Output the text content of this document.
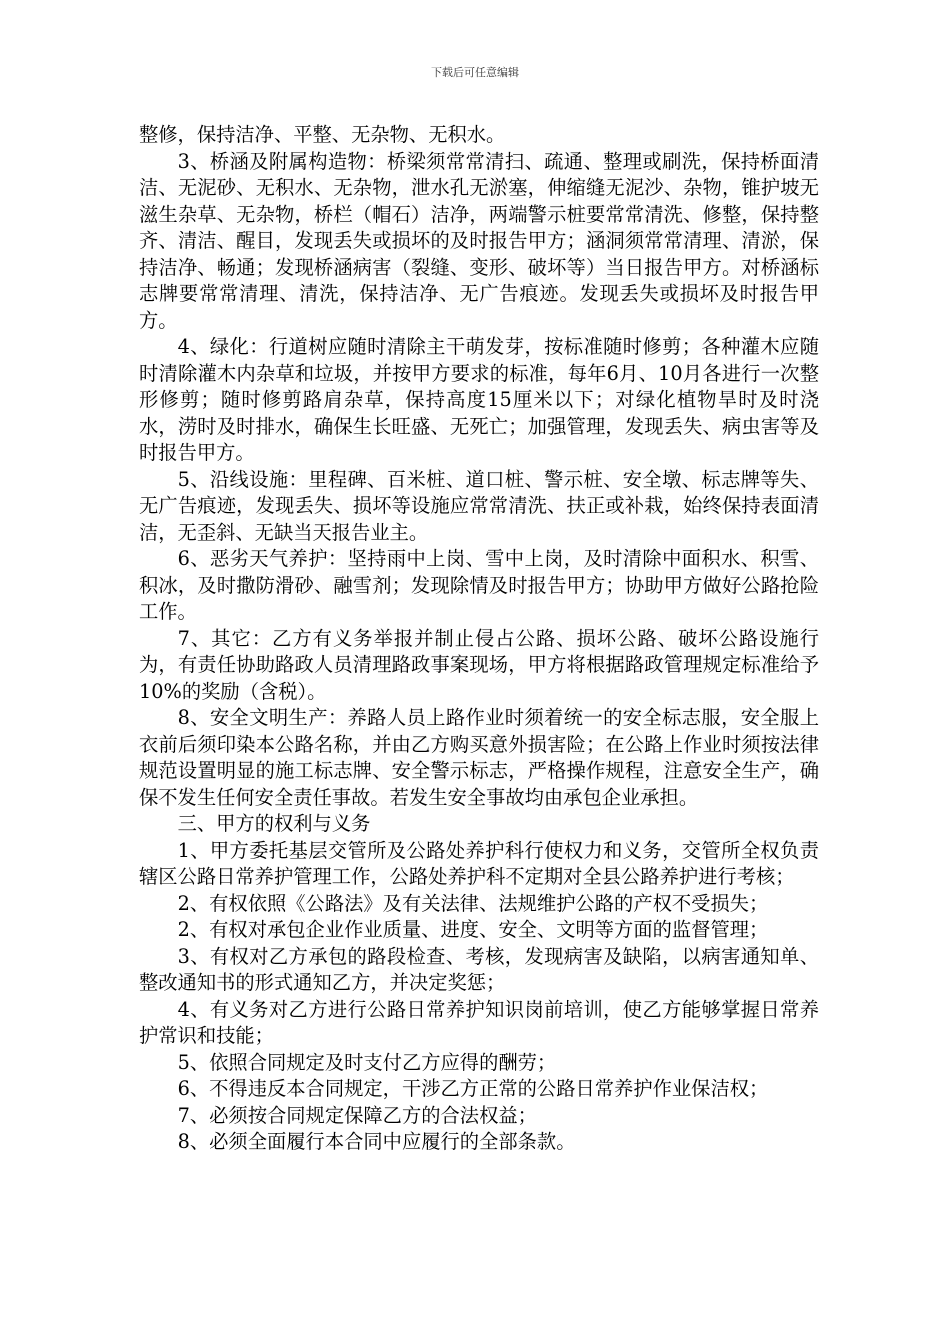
下载后可任意编辑

整修，保持洁净、平整、无杂物、无积水。

3、桥涵及附属构造物：桥梁须常常清扫、疏通、整理或刷洗，保持桥面清洁、无泥砂、无积水、无杂物，泄水孔无淤塞，伸缩缝无泥沙、杂物，锥护坡无滋生杂草、无杂物，桥栏（帽石）洁净，两端警示桩要常常清洗、修整，保持整齐、清洁、醒目，发现丢失或损坏的及时报告甲方；涵洞须常常清理、清淤，保持洁净、畅通；发现桥涵病害（裂缝、变形、破坏等）当日报告甲方。对桥涵标志牌要常常清理、清洗，保持洁净、无广告痕迹。发现丢失或损坏及时报告甲方。

4、绿化：行道树应随时清除主干萌发芽，按标准随时修剪；各种灌木应随时清除灌木内杂草和垃圾，并按甲方要求的标准，每年6月、10月各进行一次整形修剪；随时修剪路肩杂草，保持高度15厘米以下；对绿化植物旱时及时浇水，涝时及时排水，确保生长旺盛、无死亡；加强管理，发现丢失、病虫害等及时报告甲方。

5、沿线设施：里程碑、百米桩、道口桩、警示桩、安全墩、标志牌等失、无广告痕迹，发现丢失、损坏等设施应常常清洗、扶正或补栽，始终保持表面清洁，无歪斜、无缺当天报告业主。

6、恶劣天气养护：坚持雨中上岗、雪中上岗，及时清除中面积水、积雪、积冰，及时撒防滑砂、融雪剂；发现除情及时报告甲方；协助甲方做好公路抢险工作。

7、其它：乙方有义务举报并制止侵占公路、损坏公路、破坏公路设施行为，有责任协助路政人员清理路政事案现场，甲方将根据路政管理规定标准给予10%的奖励（含税）。

8、安全文明生产：养路人员上路作业时须着统一的安全标志服，安全服上衣前后须印染本公路名称，并由乙方购买意外损害险；在公路上作业时须按法律规范设置明显的施工标志牌、安全警示标志，严格操作规程，注意安全生产，确保不发生任何安全责任事故。若发生安全事故均由承包企业承担。

三、甲方的权利与义务

1、甲方委托基层交管所及公路处养护科行使权力和义务，交管所全权负责辖区公路日常养护管理工作，公路处养护科不定期对全县公路养护进行考核；

2、有权依照《公路法》及有关法律、法规维护公路的产权不受损失；

2、有权对承包企业作业质量、进度、安全、文明等方面的监督管理；

3、有权对乙方承包的路段检查、考核，发现病害及缺陷，以病害通知单、整改通知书的形式通知乙方，并决定奖惩；

4、有义务对乙方进行公路日常养护知识岗前培训，使乙方能够掌握日常养护常识和技能；

5、依照合同规定及时支付乙方应得的酬劳；

6、不得违反本合同规定，干涉乙方正常的公路日常养护作业保洁权；

7、必须按合同规定保障乙方的合法权益；

8、必须全面履行本合同中应履行的全部条款。
